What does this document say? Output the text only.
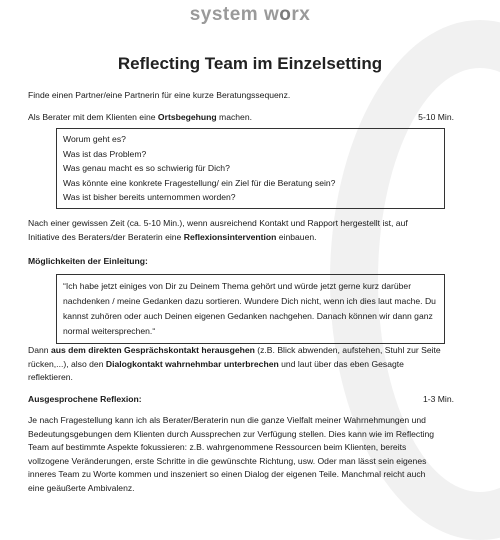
system worx
Reflecting Team im Einzelsetting
Finde einen Partner/eine Partnerin für eine kurze Beratungssequenz.
Als Berater mit dem Klienten eine Ortsbegehung machen.	5-10 Min.
Worum geht es?
Was ist das Problem?
Was genau macht es so schwierig für Dich?
Was könnte eine konkrete Fragestellung/ ein Ziel für die Beratung sein?
Was ist bisher bereits unternommen worden?
Nach einer gewissen Zeit (ca. 5-10 Min.), wenn ausreichend Kontakt und Rapport hergestellt ist, auf
Initiative des Beraters/der Beraterin eine Reflexionsintervention einbauen.
Möglichkeiten der Einleitung:
“Ich habe jetzt einiges von Dir zu Deinem Thema gehört und würde jetzt gerne kurz darüber
nachdenken / meine Gedanken dazu sortieren. Wundere Dich nicht, wenn ich dies laut mache. Du
kannst zuhören oder auch Deinen eigenen Gedanken nachgehen. Danach können wir dann ganz
normal weitersprechen.“
Dann aus dem direkten Gesprächskontakt herausgehen (z.B. Blick abwenden, aufstehen, Stuhl zur Seite
rücken,...), also den Dialogkontakt wahrnehmbar unterbrechen und laut über das eben Gesagte
reflektieren.
Ausgesprochene Reflexion:	1-3 Min.
Je nach Fragestellung kann ich als Berater/Beraterin nun die ganze Vielfalt meiner Wahrnehmungen und
Bedeutungsgebungen dem Klienten durch Aussprechen zur Verfügung stellen. Dies kann wie im Reflecting
Team auf bestimmte Aspekte fokussieren: z.B. wahrgenommene Ressourcen beim Klienten, bereits
vollzogene Veränderungen, erste Schritte in die gewünschte Richtung, usw. Oder man lässt sein eigenes
inneres Team zu Worte kommen und inszeniert so einen Dialog der eigenen Teile. Manchmal reicht auch
eine geäußerte Ambivalenz.
